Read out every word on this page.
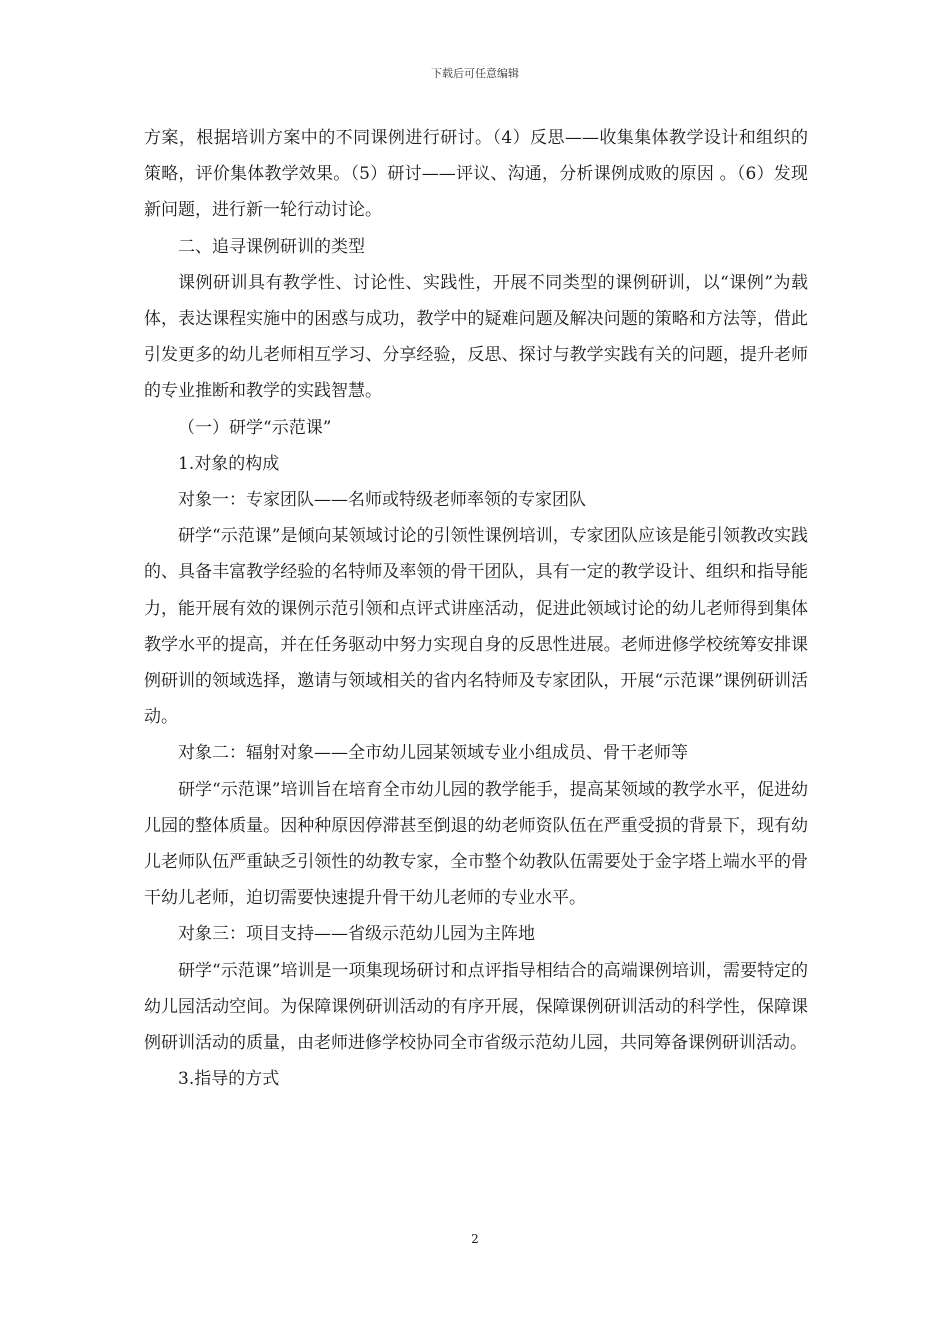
下载后可任意编辑

方案，根据培训方案中的不同课例进行研讨。（4）反思——收集集体教学设计和组织的策略，评价集体教学效果。（5）研讨——评议、沟通，分析课例成败的原因 。（6）发现新问题，进行新一轮行动讨论。

二、追寻课例研训的类型

课例研训具有教学性、讨论性、实践性，开展不同类型的课例研训，以“课例”为载体，表达课程实施中的困惑与成功，教学中的疑难问题及解决问题的策略和方法等，借此引发更多的幼儿老师相互学习、分享经验，反思、探讨与教学实践有关的问题，提升老师的专业推断和教学的实践智慧。

（一）研学“示范课”

1.对象的构成

对象一：专家团队——名师或特级老师率领的专家团队

研学“示范课”是倾向某领域讨论的引领性课例培训，专家团队应该是能引领教改实践的、具备丰富教学经验的名特师及率领的骨干团队，具有一定的教学设计、组织和指导能力，能开展有效的课例示范引领和点评式讲座活动，促进此领域讨论的幼儿老师得到集体教学水平的提高，并在任务驱动中努力实现自身的反思性进展。老师进修学校统筹安排课例研训的领域选择，邀请与领域相关的省内名特师及专家团队，开展“示范课”课例研训活动。

对象二：辐射对象——全市幼儿园某领域专业小组成员、骨干老师等

研学“示范课”培训旨在培育全市幼儿园的教学能手，提高某领域的教学水平，促进幼儿园的整体质量。因种种原因停滞甚至倒退的幼老师资队伍在严重受损的背景下，现有幼儿老师队伍严重缺乏引领性的幼教专家，全市整个幼教队伍需要处于金字塔上端水平的骨干幼儿老师，迫切需要快速提升骨干幼儿老师的专业水平。

对象三：项目支持——省级示范幼儿园为主阵地

研学“示范课”培训是一项集现场研讨和点评指导相结合的高端课例培训，需要特定的幼儿园活动空间。为保障课例研训活动的有序开展，保障课例研训活动的科学性，保障课例研训活动的质量，由老师进修学校协同全市省级示范幼儿园，共同筹备课例研训活动。

3.指导的方式

2
